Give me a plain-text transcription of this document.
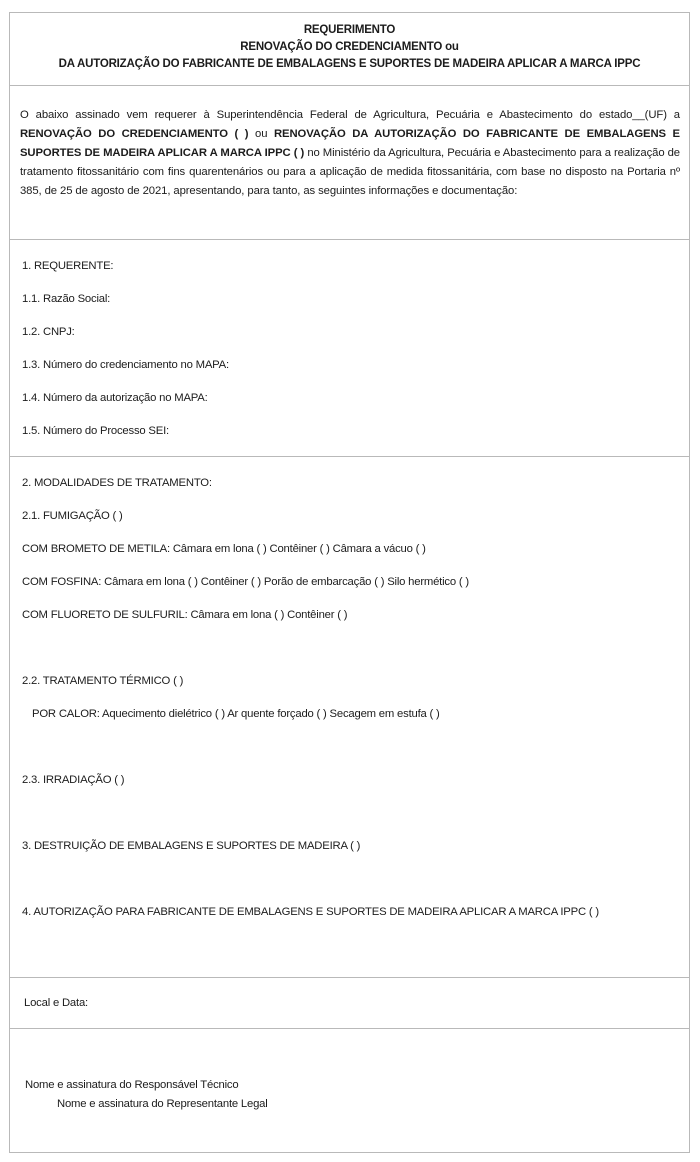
REQUERIMENTO
RENOVAÇÃO DO CREDENCIAMENTO ou
DA AUTORIZAÇÃO DO FABRICANTE DE EMBALAGENS E SUPORTES DE MADEIRA APLICAR A MARCA IPPC

O abaixo assinado vem requerer à Superintendência Federal de Agricultura, Pecuária e Abastecimento do estado__(UF) a RENOVAÇÃO DO CREDENCIAMENTO ( ) ou RENOVAÇÃO DA AUTORIZAÇÃO DO FABRICANTE DE EMBALAGENS E SUPORTES DE MADEIRA APLICAR A MARCA IPPC ( ) no Ministério da Agricultura, Pecuária e Abastecimento para a realização de tratamento fitossanitário com fins quarentenários ou para a aplicação de medida fitossanitária, com base no disposto na Portaria nº 385, de 25 de agosto de 2021, apresentando, para tanto, as seguintes informações e documentação:

1. REQUERENTE:
1.1. Razão Social:
1.2. CNPJ:
1.3. Número do credenciamento no MAPA:
1.4. Número da autorização no MAPA:
1.5. Número do Processo SEI:
2. MODALIDADES DE TRATAMENTO:
2.1. FUMIGAÇÃO ( )
COM BROMETO DE METILA: Câmara em lona ( ) Contêiner ( ) Câmara a vácuo ( )
COM FOSFINA: Câmara em lona ( ) Contêiner ( ) Porão de embarcação ( ) Silo hermético ( )
COM FLUORETO DE SULFURIL: Câmara em lona ( ) Contêiner ( )
2.2. TRATAMENTO TÉRMICO ( )
POR CALOR: Aquecimento dielétrico ( ) Ar quente forçado ( ) Secagem em estufa ( )
2.3. IRRADIAÇÃO ( )
3. DESTRUIÇÃO DE EMBALAGENS E SUPORTES DE MADEIRA ( )
4. AUTORIZAÇÃO PARA FABRICANTE DE EMBALAGENS E SUPORTES DE MADEIRA APLICAR A MARCA IPPC ( )
Local e Data:
Nome e assinatura do Responsável Técnico
Nome e assinatura do Representante Legal
